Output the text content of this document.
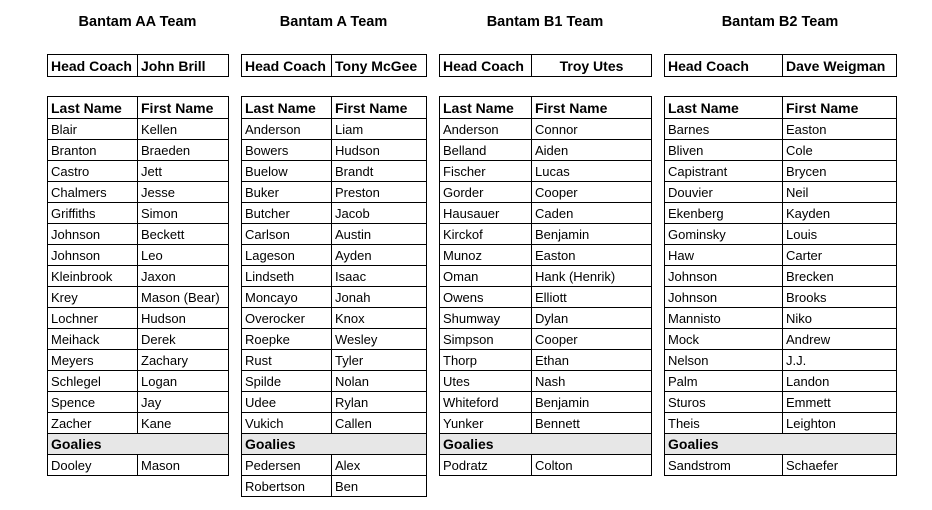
Bantam AA Team
Head Coach	John Brill
Last Name	First Name
Blair	Kellen
Branton	Braeden
Castro	Jett
Chalmers	Jesse
Griffiths	Simon
Johnson	Beckett
Johnson	Leo
Kleinbrook	Jaxon
Krey	Mason (Bear)
Lochner	Hudson
Meihack	Derek
Meyers	Zachary
Schlegel	Logan
Spence	Jay
Zacher	Kane
Goalies	
Dooley	Mason
Bantam A Team
Head Coach	Tony McGee
Last Name	First Name
Anderson	Liam
Bowers	Hudson
Buelow	Brandt
Buker	Preston
Butcher	Jacob
Carlson	Austin
Lageson	Ayden
Lindseth	Isaac
Moncayo	Jonah
Overocker	Knox
Roepke	Wesley
Rust	Tyler
Spilde	Nolan
Udee	Rylan
Vukich	Callen
Goalies	
Pedersen	Alex
Robertson	Ben
Bantam B1 Team
Head Coach	Troy Utes
Last Name	First Name
Anderson	Connor
Belland	Aiden
Fischer	Lucas
Gorder	Cooper
Hausauer	Caden
Kirckof	Benjamin
Munoz	Easton
Oman	Hank (Henrik)
Owens	Elliott
Shumway	Dylan
Simpson	Cooper
Thorp	Ethan
Utes	Nash
Whiteford	Benjamin
Yunker	Bennett
Goalies	
Podratz	Colton
Bantam B2 Team
Head Coach	Dave Weigman
Last Name	First Name
Barnes	Easton
Bliven	Cole
Capistrant	Brycen
Douvier	Neil
Ekenberg	Kayden
Gominsky	Louis
Haw	Carter
Johnson	Brecken
Johnson	Brooks
Mannisto	Niko
Mock	Andrew
Nelson	J.J.
Palm	Landon
Sturos	Emmett
Theis	Leighton
Goalies	
Sandstrom	Schaefer
